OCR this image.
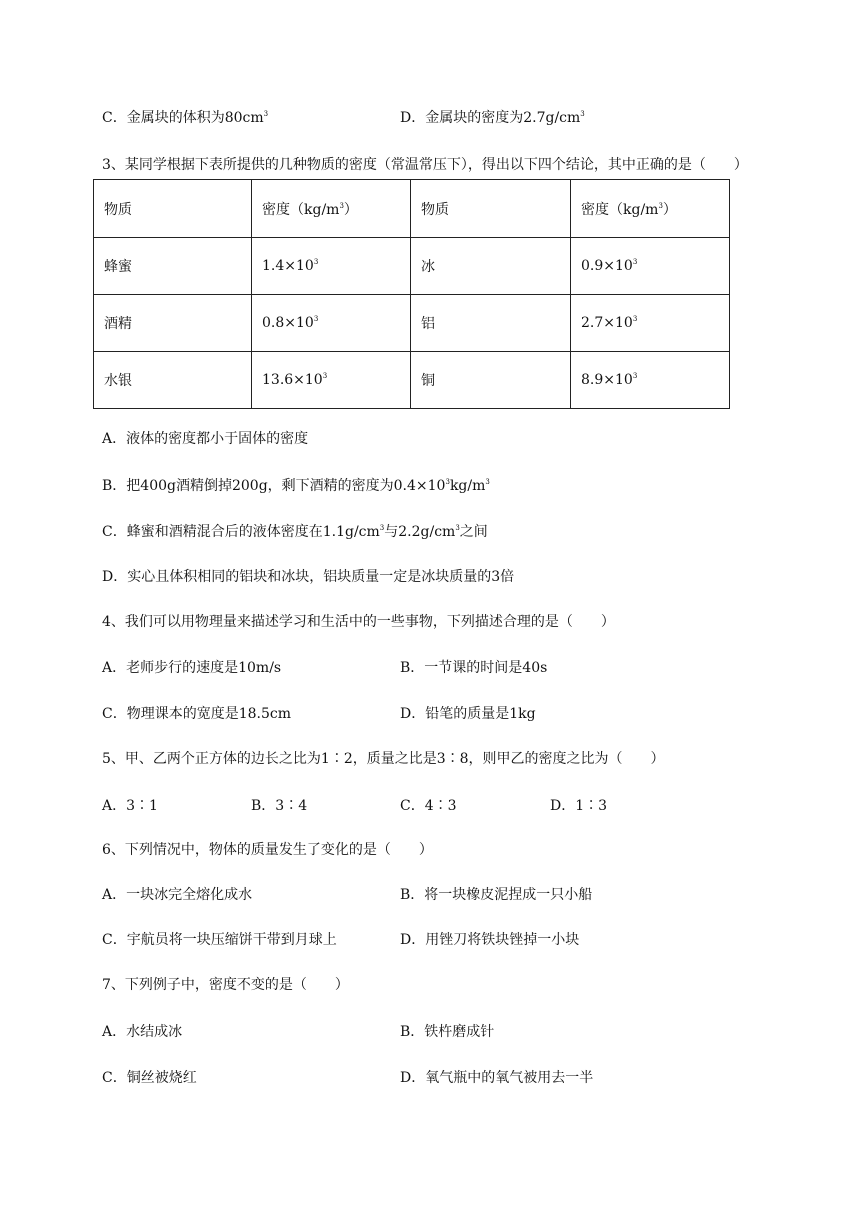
C．金属块的体积为$80cm^3$	D．金属块的密度为$2.7g/cm^3$
3、某同学根据下表所提供的几种物质的密度（常温常压下），得出以下四个结论，其中正确的是（　　）
物质	密度$(kg/m^3)$	物质	密度$(kg/m^3)$
蜂蜜	$1.4\times 10^3$	冰	$0.9\times 10^3$
酒精	$0.8\times 10^3$	铝	$2.7\times 10^3$
水银	$13.6\times 10^3$	铜	$8.9\times 10^3$
A．液体的密度都小于固体的密度
B．把400g酒精倒掉200g，剩下酒精的密度为$0.4\times 10^3kg/m^3$
C．蜂蜜和酒精混合后的液体密度在$1.1g/cm^3$与$2.2g/cm^3$之间
D．实心且体积相同的铝块和冰块，铝块质量一定是冰块质量的3倍
4、我们可以用物理量来描述学习和生活中的一些事物，下列描述合理的是（　　）
A．老师步行的速度是10m/s	B．一节课的时间是40s
C．物理课本的宽度是18.5cm	D．铅笔的质量是1kg
5、甲、乙两个正方体的边长之比为1∶2，质量之比是3∶8，则甲乙的密度之比为（　　）
A．3∶1	B．3∶4	C．4∶3	D．1∶3
6、下列情况中，物体的质量发生了变化的是（　　）
A．一块冰完全熔化成水	B．将一块橡皮泥捏成一只小船
C．宇航员将一块压缩饼干带到月球上	D．用锉刀将铁块锉掉一小块
7、下列例子中，密度不变的是（　　）
A．水结成冰	B．铁杵磨成针
C．铜丝被烧红	D．氧气瓶中的氧气被用去一半
